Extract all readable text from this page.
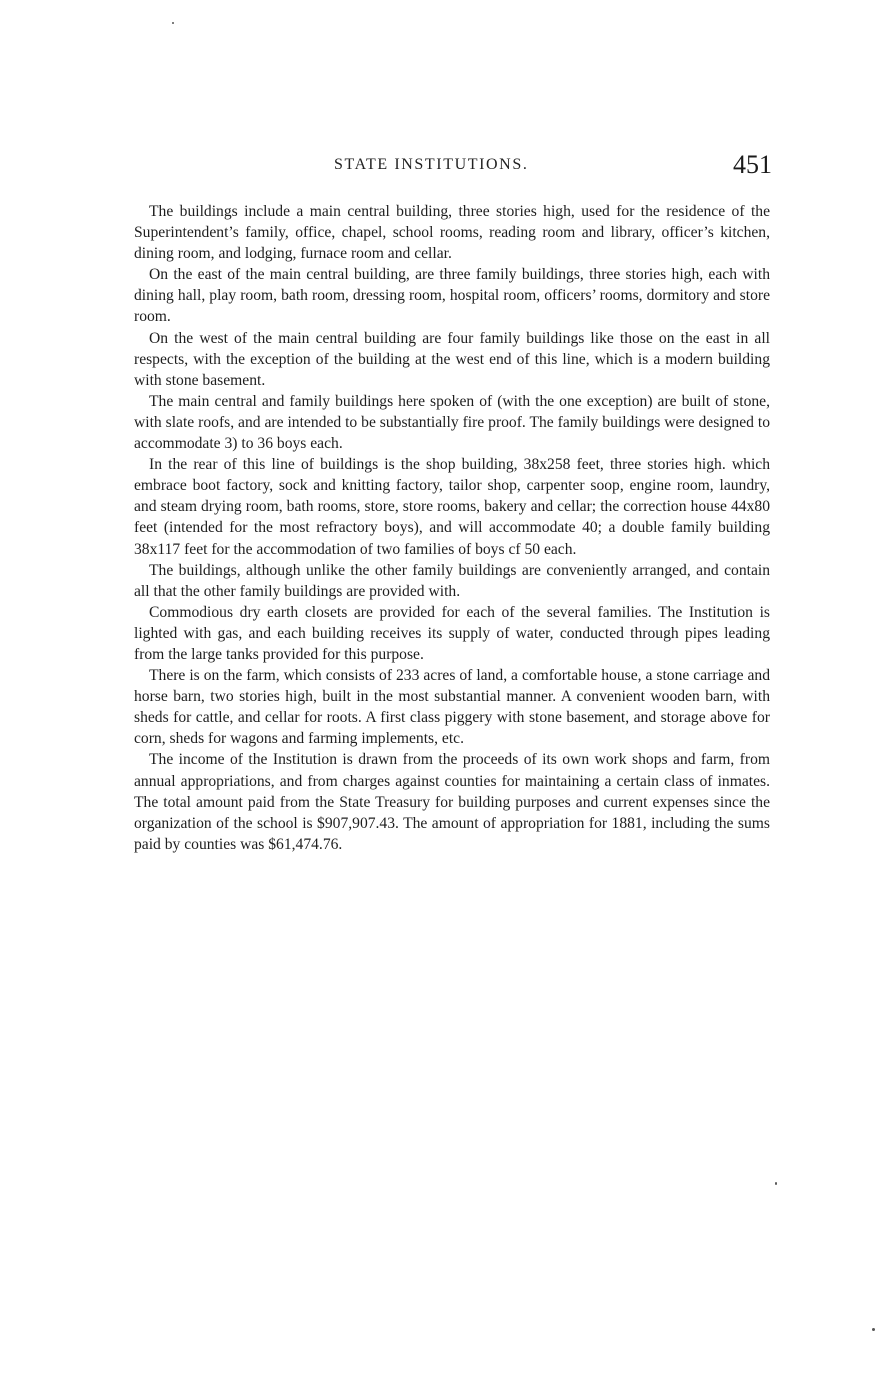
STATE INSTITUTIONS.	451

The buildings include a main central building, three stories high, used for the residence of the Superintendent’s family, office, chapel, school rooms, reading room and library, officer’s kitchen, dining room, and lodging, furnace room and cellar.

On the east of the main central building, are three family buildings, three stories high, each with dining hall, play room, bath room, dressing room, hospital room, officers’ rooms, dormitory and store room.

On the west of the main central building are four family buildings like those on the east in all respects, with the exception of the building at the west end of this line, which is a modern building with stone basement.

The main central and family buildings here spoken of (with the one exception) are built of stone, with slate roofs, and are intended to be substantially fire proof. The family buildings were designed to accommodate 3) to 36 boys each.

In the rear of this line of buildings is the shop building, 38x258 feet, three stories high. which embrace boot factory, sock and knitting factory, tailor shop, carpenter soop, engine room, laundry, and steam drying room, bath rooms, store, store rooms, bakery and cellar; the correction house 44x80 feet (intended for the most refractory boys), and will accommodate 40; a double family building 38x117 feet for the accommodation of two families of boys cf 50 each.

The buildings, although unlike the other family buildings are conveniently arranged, and contain all that the other family buildings are provided with.

Commodious dry earth closets are provided for each of the several families. The Institution is lighted with gas, and each building receives its supply of water, conducted through pipes leading from the large tanks provided for this purpose.

There is on the farm, which consists of 233 acres of land, a comfortable house, a stone carriage and horse barn, two stories high, built in the most substantial manner. A convenient wooden barn, with sheds for cattle, and cellar for roots. A first class piggery with stone basement, and storage above for corn, sheds for wagons and farming implements, etc.

The income of the Institution is drawn from the proceeds of its own work shops and farm, from annual appropriations, and from charges against counties for maintaining a certain class of inmates. The total amount paid from the State Treasury for building purposes and current expenses since the organization of the school is $907,907.43. The amount of appropriation for 1881, including the sums paid by counties was $61,474.76.
